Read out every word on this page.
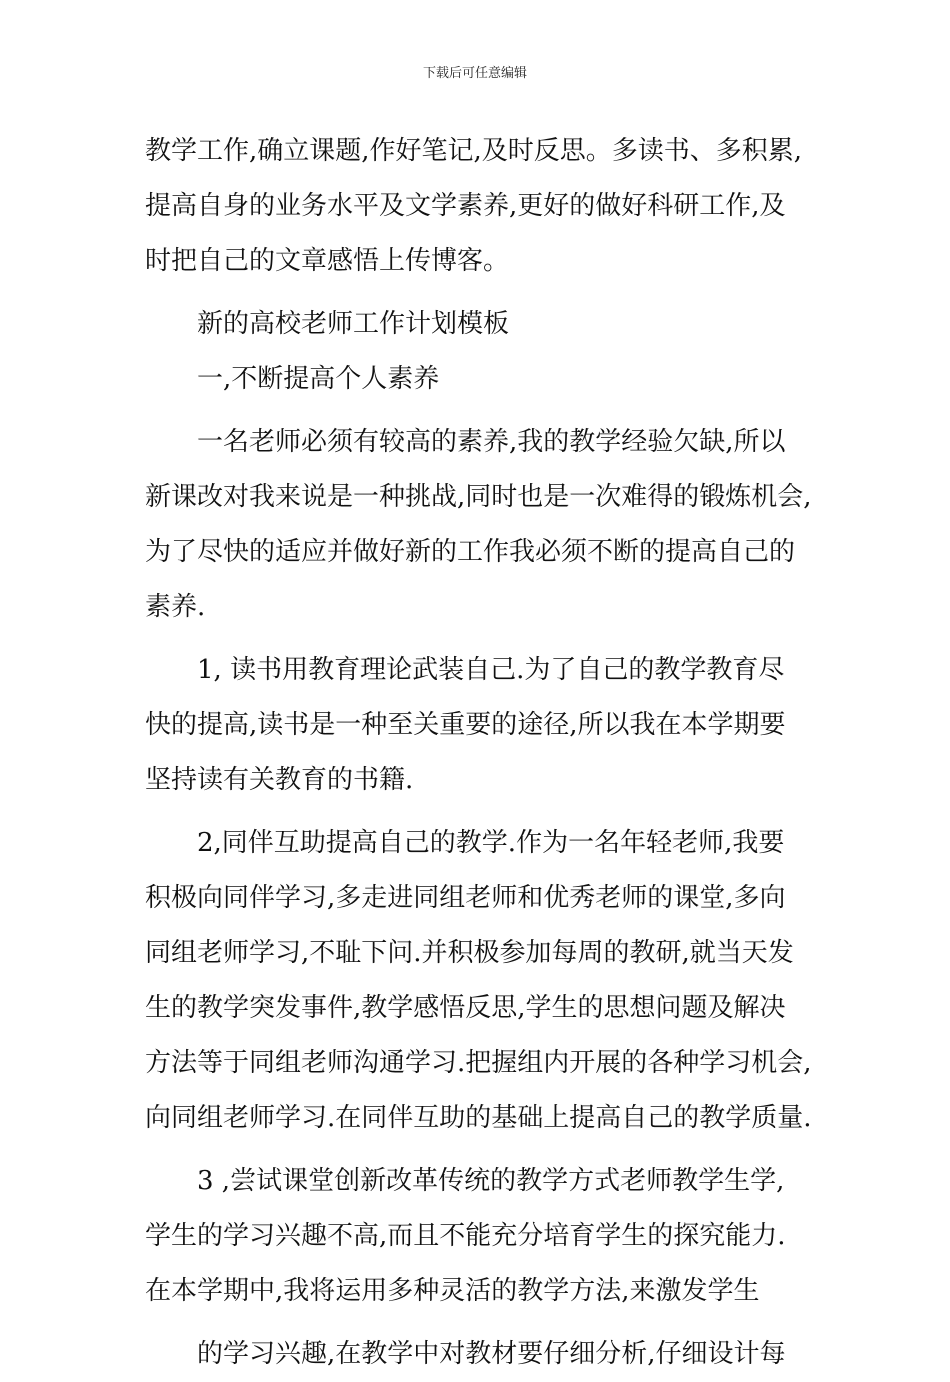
下载后可任意编辑
教学工作,确立课题,作好笔记,及时反思。多读书、多积累,
提高自身的业务水平及文学素养,更好的做好科研工作,及
时把自己的文章感悟上传博客。
新的高校老师工作计划模板
一,不断提高个人素养
一名老师必须有较高的素养,我的教学经验欠缺,所以
新课改对我来说是一种挑战,同时也是一次难得的锻炼机会,
为了尽快的适应并做好新的工作我必须不断的提高自己的
素养.
1, 读书用教育理论武装自己.为了自己的教学教育尽
快的提高,读书是一种至关重要的途径,所以我在本学期要
坚持读有关教育的书籍.
2,同伴互助提高自己的教学.作为一名年轻老师,我要
积极向同伴学习,多走进同组老师和优秀老师的课堂,多向
同组老师学习,不耻下问.并积极参加每周的教研,就当天发
生的教学突发事件,教学感悟反思,学生的思想问题及解决
方法等于同组老师沟通学习.把握组内开展的各种学习机会,
向同组老师学习.在同伴互助的基础上提高自己的教学质量.
3 ,尝试课堂创新改革传统的教学方式老师教学生学,
学生的学习兴趣不高,而且不能充分培育学生的探究能力.
在本学期中,我将运用多种灵活的教学方法,来激发学生
的学习兴趣,在教学中对教材要仔细分析,仔细设计每
